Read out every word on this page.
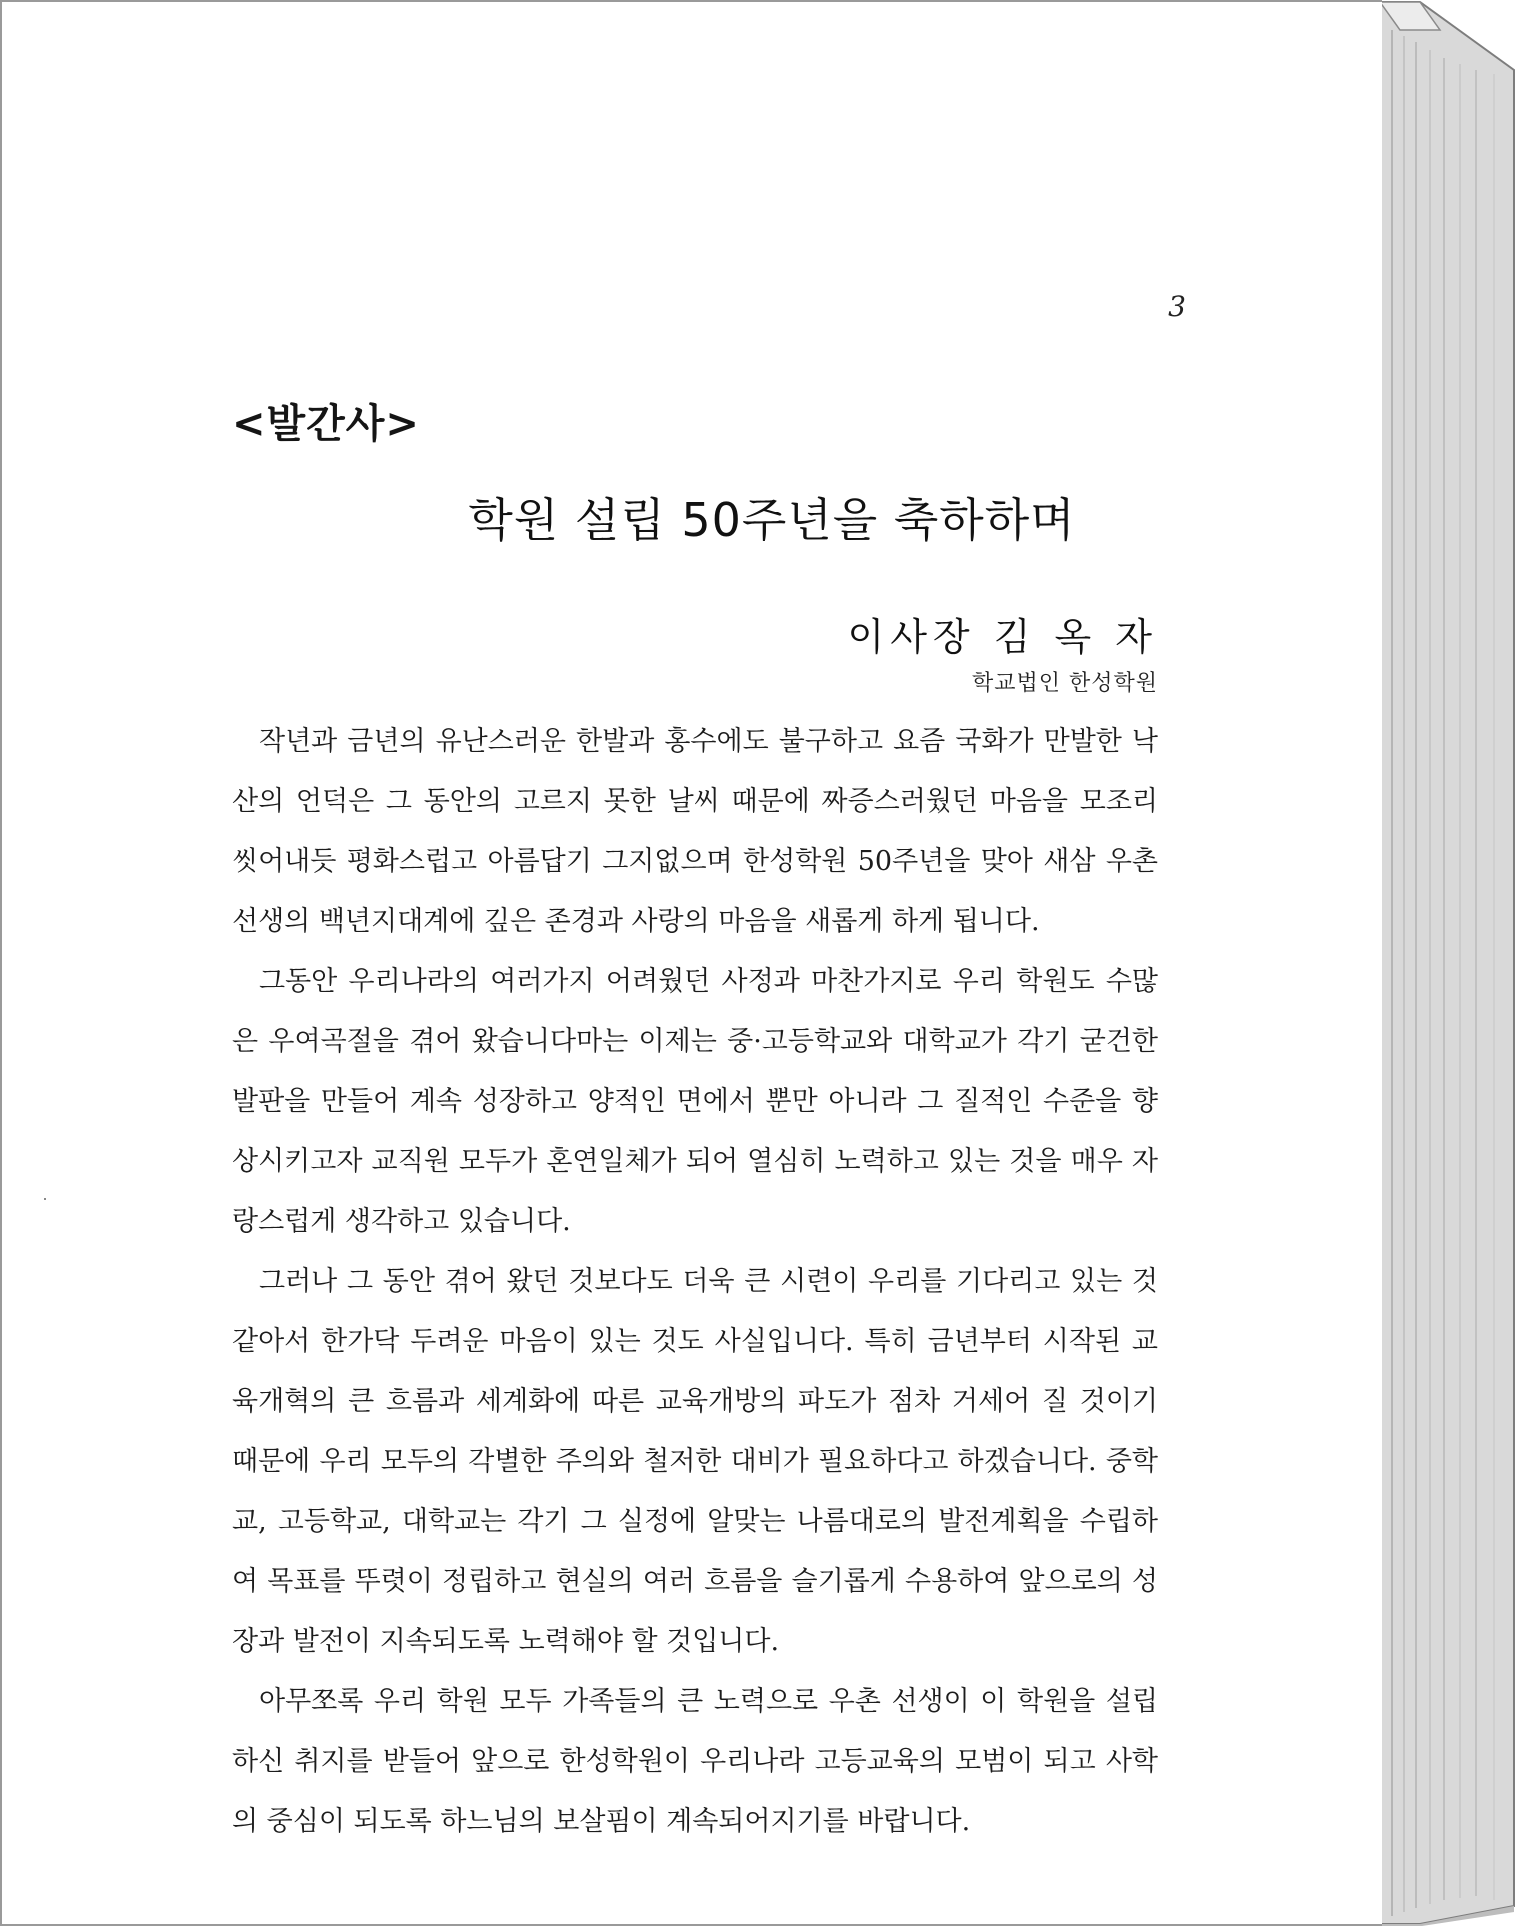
3
<발간사>
학원 설립 50주년을 축하하며
이사장 김 옥 자
학교법인 한성학원

작년과 금년의 유난스러운 한발과 홍수에도 불구하고 요즘 국화가 만발한 낙산의 언덕은 그 동안의 고르지 못한 날씨 때문에 짜증스러웠던 마음을 모조리 씻어내듯 평화스럽고 아름답기 그지없으며 한성학원 50주년을 맞아 새삼 우촌 선생의 백년지대계에 깊은 존경과 사랑의 마음을 새롭게 하게 됩니다.

그동안 우리나라의 여러가지 어려웠던 사정과 마찬가지로 우리 학원도 수많은 우여곡절을 겪어 왔습니다마는 이제는 중·고등학교와 대학교가 각기 굳건한 발판을 만들어 계속 성장하고 양적인 면에서 뿐만 아니라 그 질적인 수준을 향상시키고자 교직원 모두가 혼연일체가 되어 열심히 노력하고 있는 것을 매우 자랑스럽게 생각하고 있습니다.

그러나 그 동안 겪어 왔던 것보다도 더욱 큰 시련이 우리를 기다리고 있는 것 같아서 한가닥 두려운 마음이 있는 것도 사실입니다. 특히 금년부터 시작된 교육개혁의 큰 흐름과 세계화에 따른 교육개방의 파도가 점차 거세어 질 것이기 때문에 우리 모두의 각별한 주의와 철저한 대비가 필요하다고 하겠습니다. 중학교, 고등학교, 대학교는 각기 그 실정에 알맞는 나름대로의 발전계획을 수립하여 목표를 뚜렷이 정립하고 현실의 여러 흐름을 슬기롭게 수용하여 앞으로의 성장과 발전이 지속되도록 노력해야 할 것입니다.

아무쪼록 우리 학원 모두 가족들의 큰 노력으로 우촌 선생이 이 학원을 설립하신 취지를 받들어 앞으로 한성학원이 우리나라 고등교육의 모범이 되고 사학의 중심이 되도록 하느님의 보살핌이 계속되어지기를 바랍니다.
